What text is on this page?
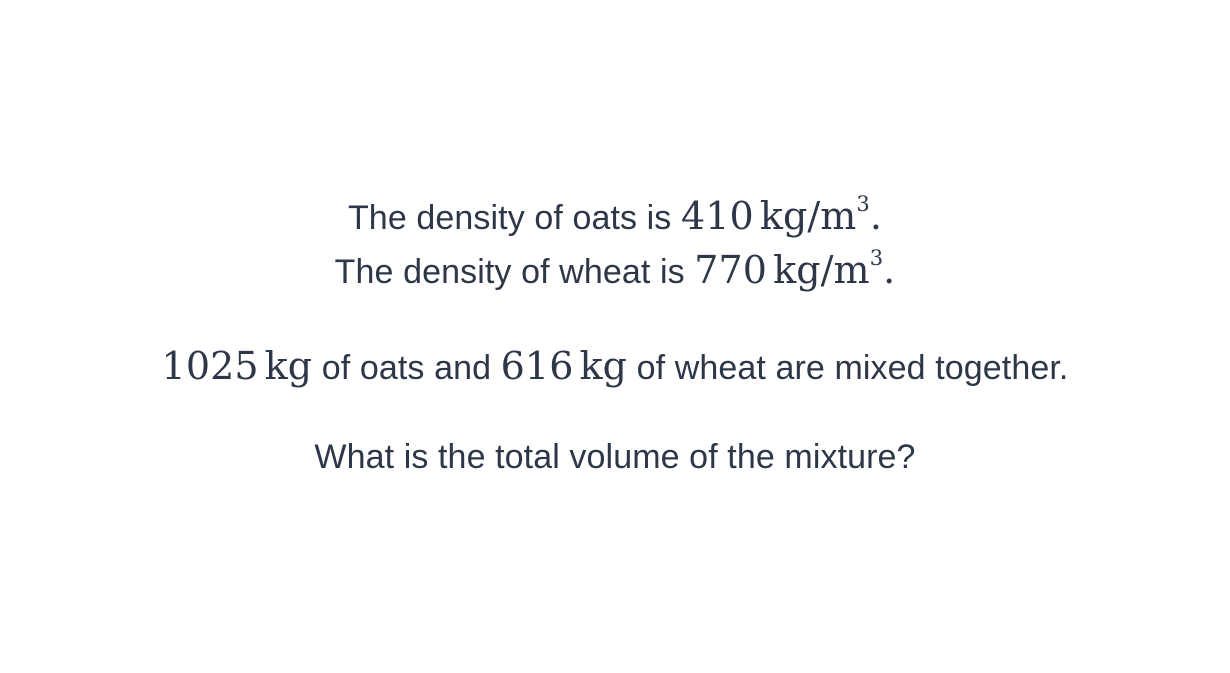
The density of oats is 410 $kg/m^3$.
The density of wheat is 770 $kg/m^3$.
1025 kg of oats and 616 kg of wheat are mixed together.
What is the total volume of the mixture?
